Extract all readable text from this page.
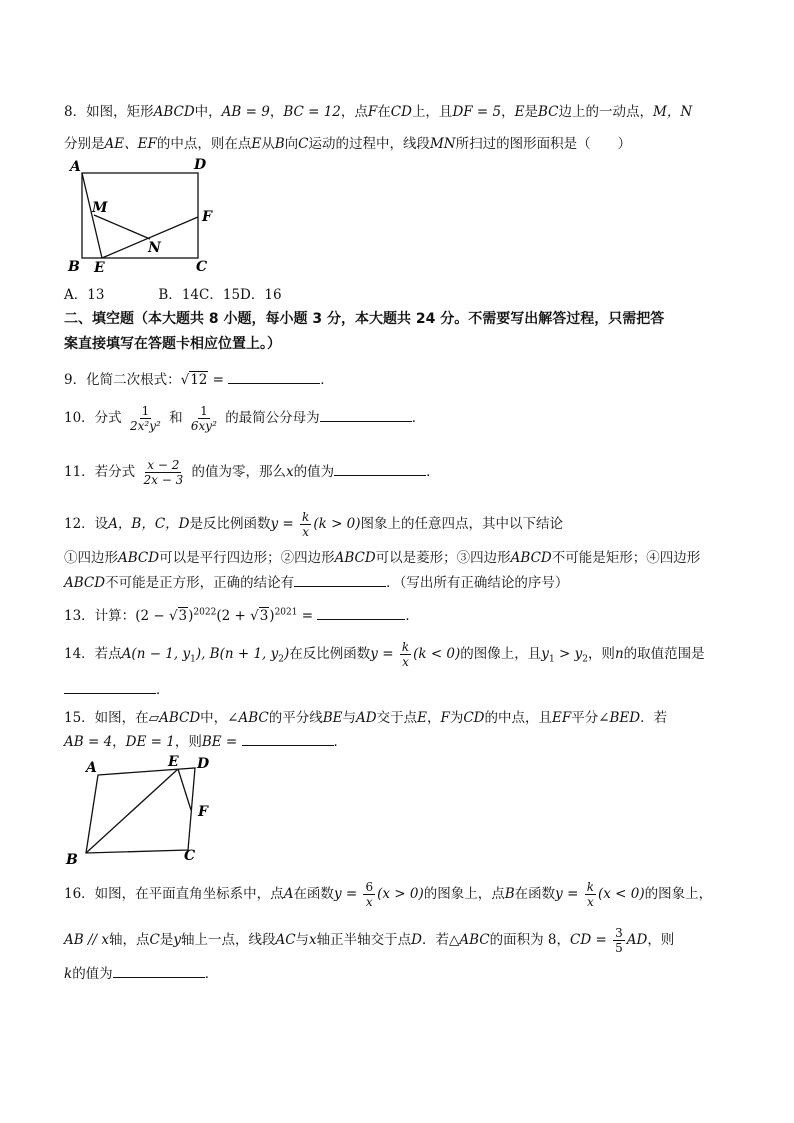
8．如图，矩形ABCD中，AB = 9，BC = 12，点F在CD上，且DF = 5，E是BC边上的一动点，M，N
分别是AE、EF的中点，则在点E从B向C运动的过程中，线段MN所扫过的图形面积是（　　）
A	D
M
F
N
B E	C
A．13　　　　B．14C．15D．16
二、填空题（本大题共 8 小题，每小题 3 分，本大题共 24 分。不需要写出解答过程，只需把答
案直接填写在答题卡相应位置上。）
9．化简二次根式：√12 =	．
10．分式 $\frac{1}{\text{2x²y²}}$ 和 $\frac{1}{\text{6xy²}}$ 的最简公分母为	．
11．若分式 $\frac{x - 2}{2x - 3}$ 的值为零，那么x的值为	．
12．设A，B，C，D是反比例函数$y = \frac{k}{x} (k > 0)$图象上的任意四点，其中以下结论
①四边形ABCD可以是平行四边形；②四边形ABCD可以是菱形；③四边形ABCD不可能是矩形；④四边形
ABCD不可能是正方形，正确的结论有	．（写出所有正确结论的序号）
13．计算：$(2 - √3)^{2022}(2 + √3)^{2021}$ =	．
14．若点A(n − 1, $y_1$), B(n + 1, $y_2$)在反比例函数$y = \frac{k}{x} (k < 0)$的图像上，且$y_1 > y_2$，则n的取值范围是
．
15．如图，在▱ABCD中，∠ABC的平分线BE与AD交于点E，F为CD的中点，且EF平分∠BED．若
AB = 4，DE = 1，则BE =	．
A	E D
F
B	C
16．如图，在平面直角坐标系中，点A在函数$y = \frac{6}{x} (x > 0)$的图象上，点B在函数$y = \frac{k}{x} (x < 0)$的图象上，
AB // x轴，点C是y轴上一点，线段AC与x轴正半轴交于点D．若△ABC的面积为 8，CD = $\frac{3}{5}$ AD，则
k的值为	．
